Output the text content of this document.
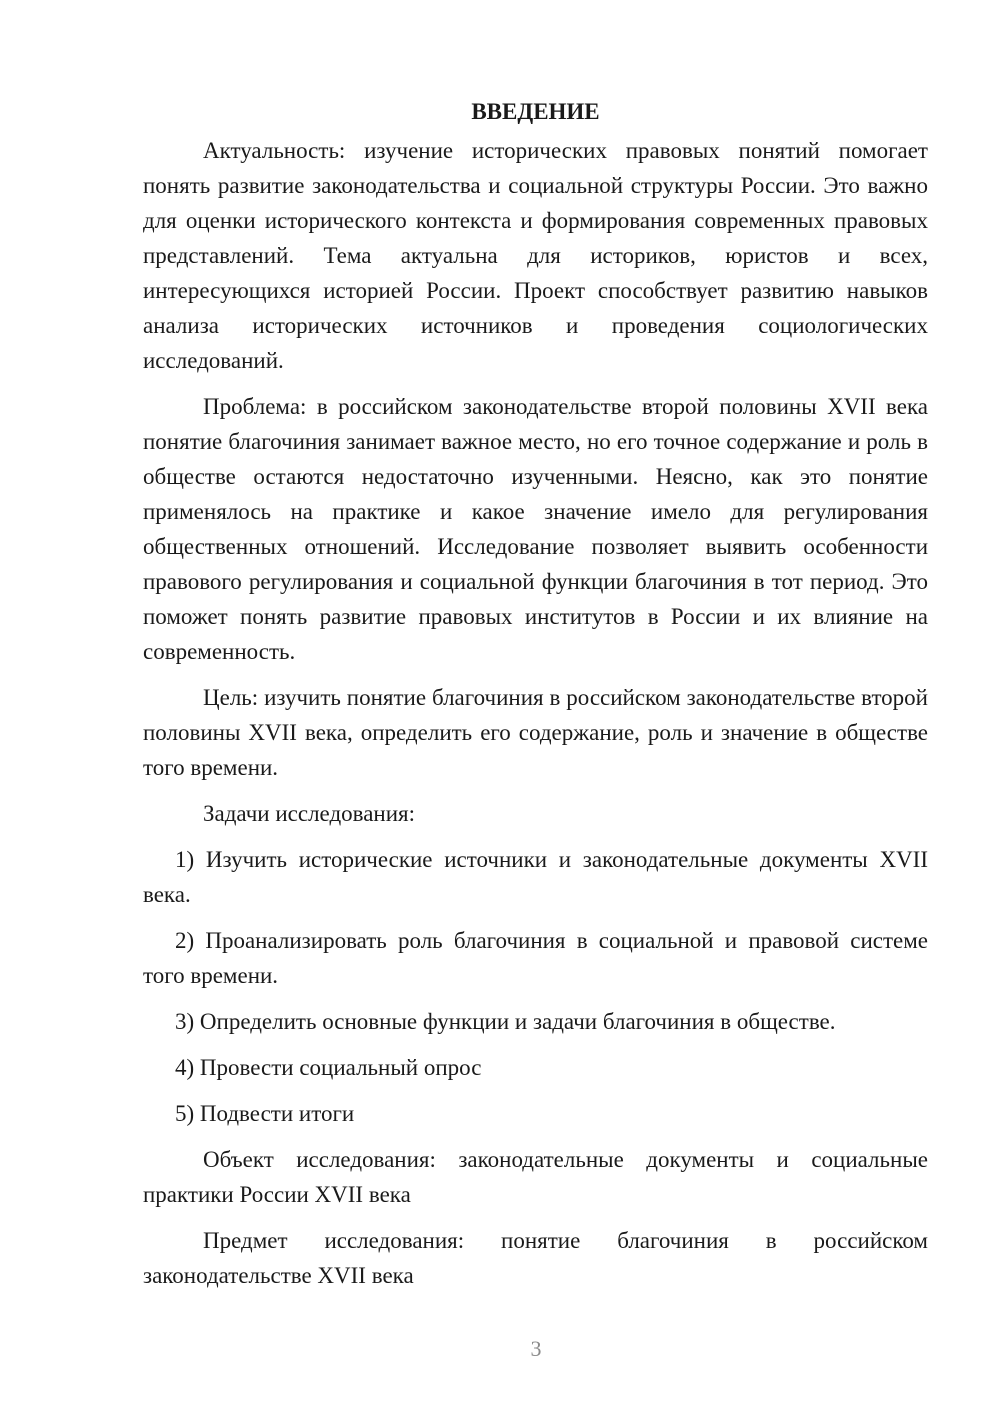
ВВЕДЕНИЕ

Актуальность: изучение исторических правовых понятий помогает понять развитие законодательства и социальной структуры России. Это важно для оценки исторического контекста и формирования современных правовых представлений. Тема актуальна для историков, юристов и всех, интересующихся историей России. Проект способствует развитию навыков анализа исторических источников и проведения социологических исследований.

Проблема: в российском законодательстве второй половины XVII века понятие благочиния занимает важное место, но его точное содержание и роль в обществе остаются недостаточно изученными. Неясно, как это понятие применялось на практике и какое значение имело для регулирования общественных отношений. Исследование позволяет выявить особенности правового регулирования и социальной функции благочиния в тот период. Это поможет понять развитие правовых институтов в России и их влияние на современность.

Цель: изучить понятие благочиния в российском законодательстве второй половины XVII века, определить его содержание, роль и значение в обществе того времени.

Задачи исследования:

1) Изучить исторические источники и законодательные документы XVII века.

2) Проанализировать роль благочиния в социальной и правовой системе того времени.

3) Определить основные функции и задачи благочиния в обществе.

4) Провести социальный опрос

5) Подвести итоги

Объект исследования: законодательные документы и социальные практики России XVII века

Предмет исследования: понятие благочиния в российском законодательстве XVII века

3
